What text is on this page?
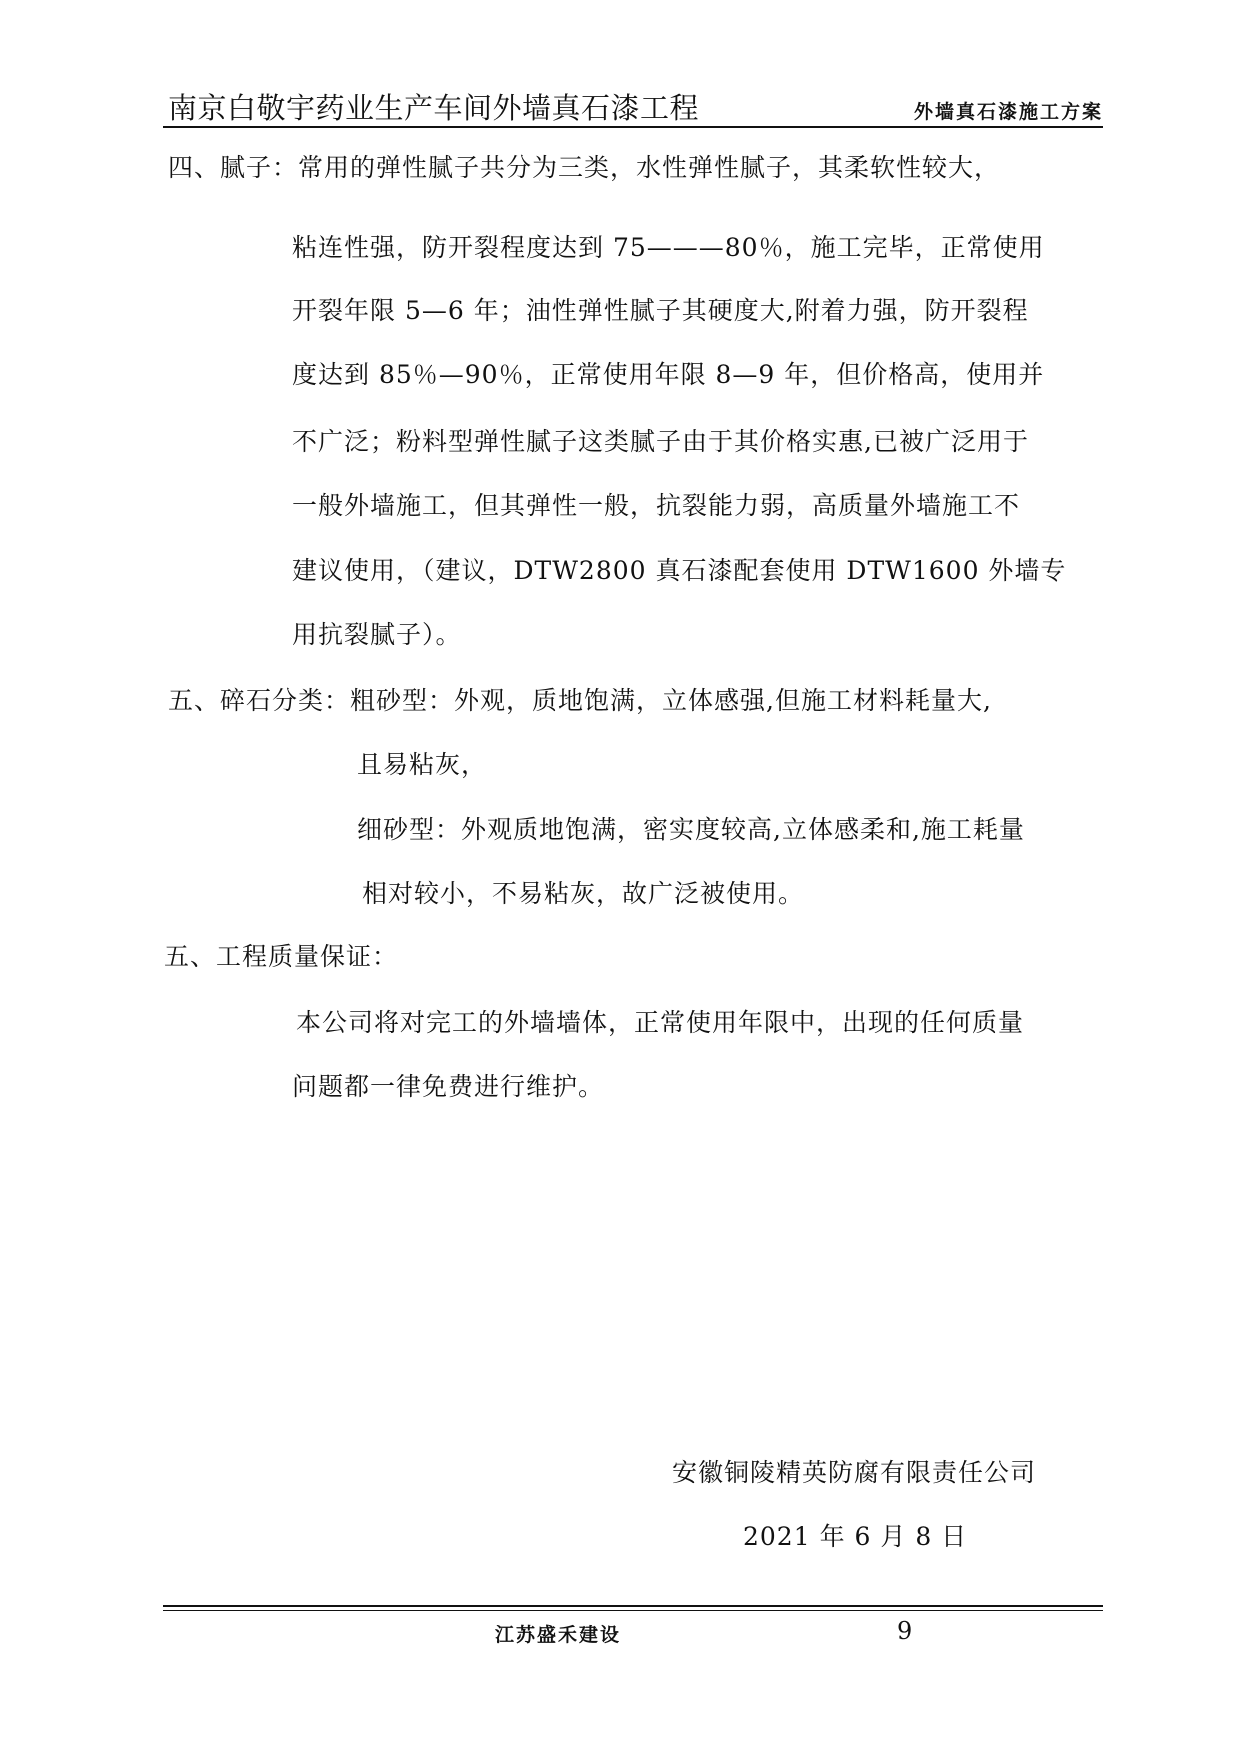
南京白敬宇药业生产车间外墙真石漆工程	外墙真石漆施工方案
四、腻子：常用的弹性腻子共分为三类，水性弹性腻子，其柔软性较大，
粘连性强，防开裂程度达到 75———80％，施工完毕，正常使用
开裂年限 5—6 年；油性弹性腻子其硬度大,附着力强，防开裂程
度达到 85％—90％，正常使用年限 8—9 年，但价格高，使用并
不广泛；粉料型弹性腻子这类腻子由于其价格实惠,已被广泛用于
一般外墙施工，但其弹性一般，抗裂能力弱，高质量外墙施工不
建议使用，（建议，DTW2800 真石漆配套使用 DTW1600 外墙专
用抗裂腻子）。
五、碎石分类：粗砂型：外观，质地饱满，立体感强,但施工材料耗量大,
且易粘灰，
细砂型：外观质地饱满，密实度较高,立体感柔和,施工耗量
相对较小，不易粘灰，故广泛被使用。
五、工程质量保证：
本公司将对完工的外墙墙体，正常使用年限中，出现的任何质量
问题都一律免费进行维护。
安徽铜陵精英防腐有限责任公司
2021 年 6 月 8 日
江苏盛禾建设	9
